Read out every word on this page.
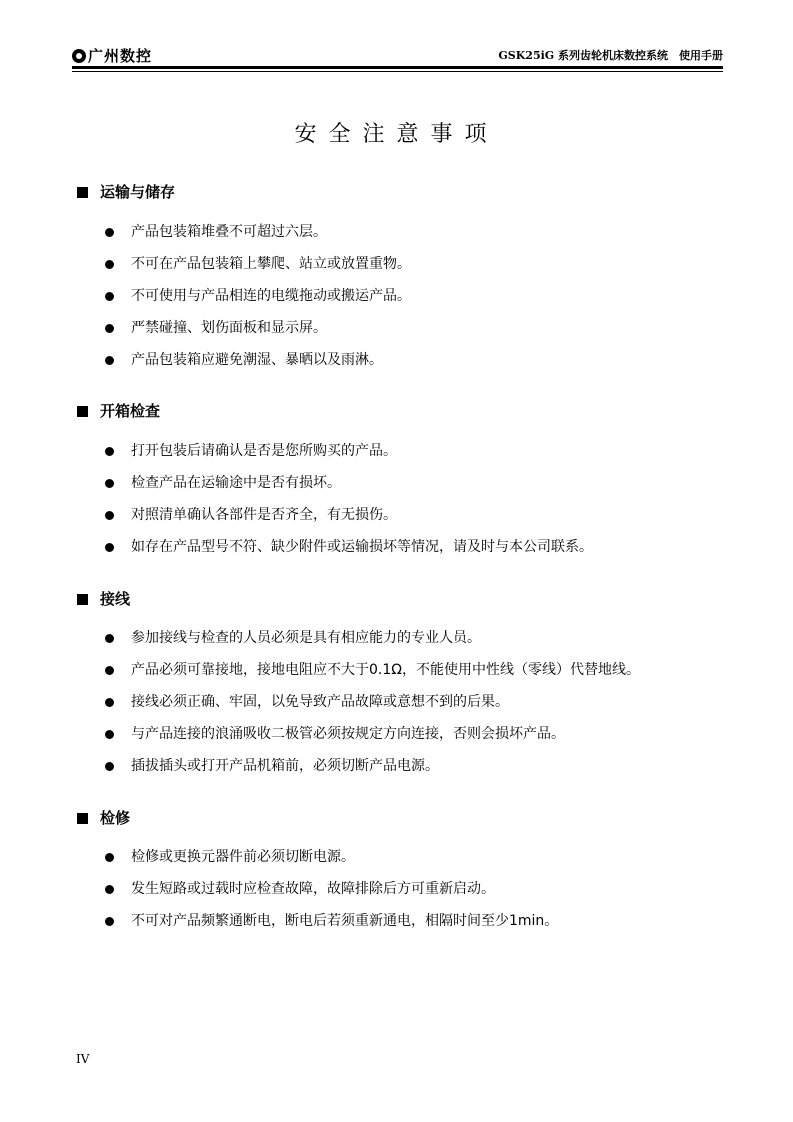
广州数控	GSK25iG 系列齿轮机床数控系统　使用手册
安全注意事项
运输与储存
产品包装箱堆叠不可超过六层。
不可在产品包装箱上攀爬、站立或放置重物。
不可使用与产品相连的电缆拖动或搬运产品。
严禁碰撞、划伤面板和显示屏。
产品包装箱应避免潮湿、暴晒以及雨淋。
开箱检查
打开包装后请确认是否是您所购买的产品。
检查产品在运输途中是否有损坏。
对照清单确认各部件是否齐全，有无损伤。
如存在产品型号不符、缺少附件或运输损坏等情况，请及时与本公司联系。
接线
参加接线与检查的人员必须是具有相应能力的专业人员。
产品必须可靠接地，接地电阻应不大于0.1Ω，不能使用中性线（零线）代替地线。
接线必须正确、牢固，以免导致产品故障或意想不到的后果。
与产品连接的浪涌吸收二极管必须按规定方向连接，否则会损坏产品。
插拔插头或打开产品机箱前，必须切断产品电源。
检修
检修或更换元器件前必须切断电源。
发生短路或过载时应检查故障，故障排除后方可重新启动。
不可对产品频繁通断电，断电后若须重新通电，相隔时间至少1min。
IV
